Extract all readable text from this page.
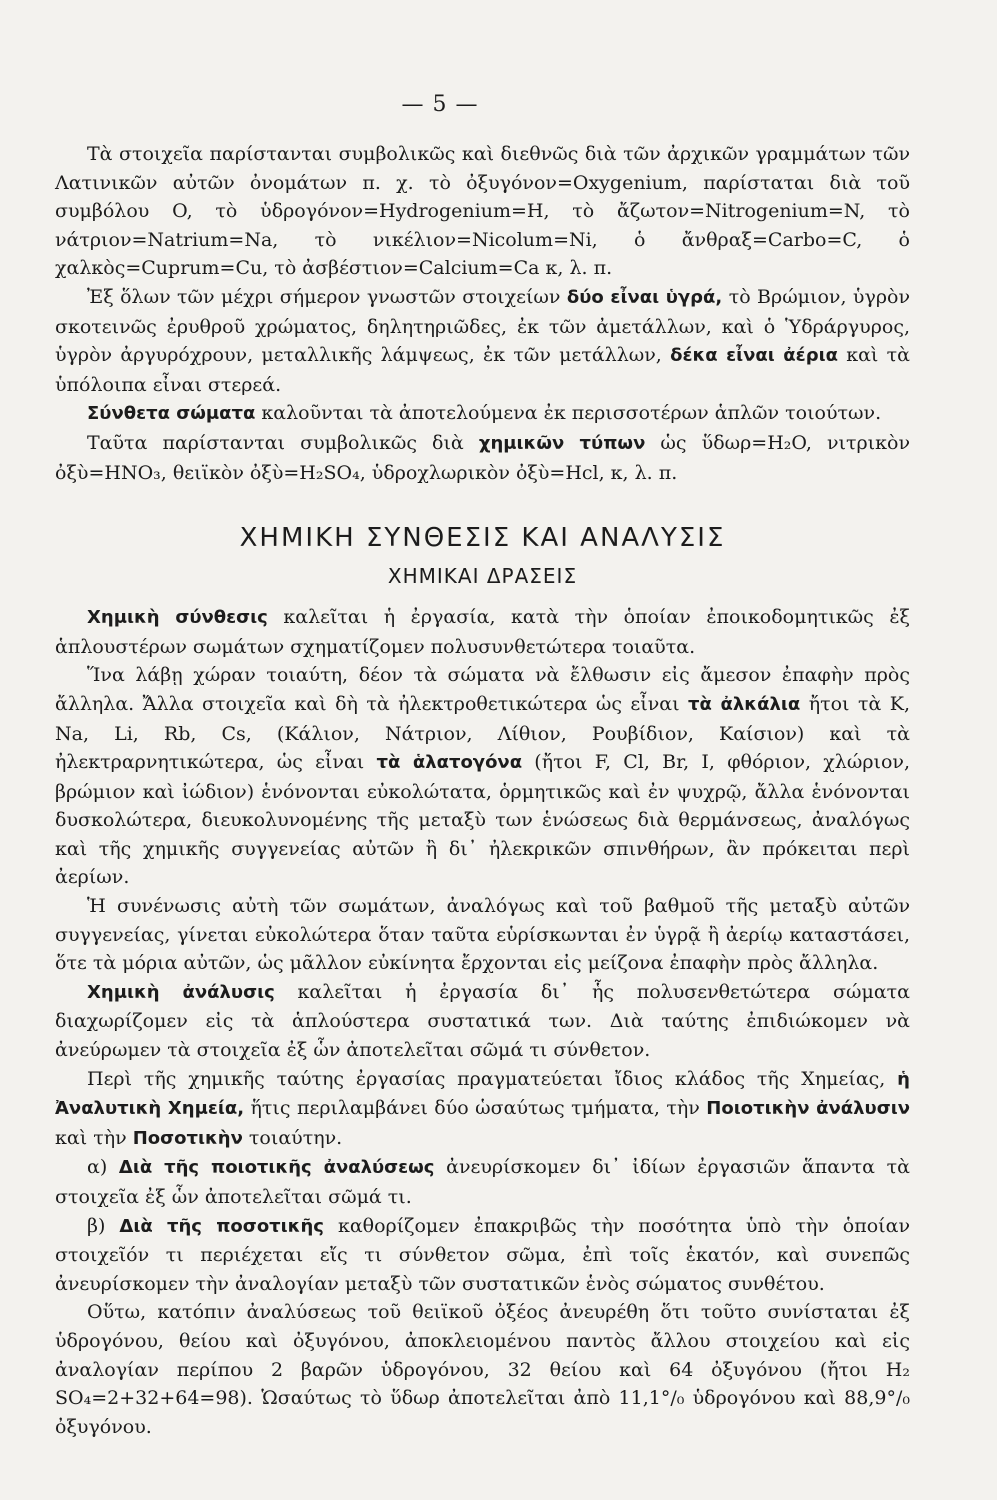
— 5 —

Τὰ στοιχεῖα παρίστανται συμβολικῶς καὶ διεθνῶς διὰ τῶν ἀρχικῶν γραμμάτων τῶν Λατινικῶν αὐτῶν ὀνομάτων π. χ. τὸ ὀξυγόνον=Oxygenium, παρίσταται διὰ τοῦ συμβόλου O, τὸ ὑδρογόνον=Hydrogenium=H, τὸ ἄζωτον=Nitrogenium=N, τὸ νάτριον=Natrium=Na, τὸ νικέλιον=Nicolum=Ni, ὁ ἄνθραξ=Carbo=C, ὁ χαλκὸς=Cuprum=Cu, τὸ ἀσβέστιον=Calcium=Ca κ, λ. π.

Ἐξ ὅλων τῶν μέχρι σήμερον γνωστῶν στοιχείων δύο εἶναι ὑγρά, τὸ Βρώμιον, ὑγρὸν σκοτεινῶς ἐρυθροῦ χρώματος, δηλητηριῶδες, ἐκ τῶν ἀμετάλλων, καὶ ὁ Ὑδράργυρος, ὑγρὸν ἀργυρόχρουν, μεταλλικῆς λάμψεως, ἐκ τῶν μετάλλων, δέκα εἶναι ἀέρια καὶ τὰ ὑπόλοιπα εἶναι στερεά.

Σύνθετα σώματα καλοῦνται τὰ ἀποτελούμενα ἐκ περισσοτέρων ἁπλῶν τοιούτων.

Ταῦτα παρίστανται συμβολικῶς διὰ χημικῶν τύπων ὡς ὕδωρ=H₂O, νιτρικὸν ὀξὺ=HNO₃, θειϊκὸν ὀξὺ=H₂SO₄, ὑδροχλωρικὸν ὀξὺ=Hcl, κ, λ. π.

ΧΗΜΙΚΗ ΣΥΝΘΕΣΙΣ ΚΑΙ ΑΝΑΛΥΣΙΣ
ΧΗΜΙΚΑΙ ΔΡΑΣΕΙΣ

Χημικὴ σύνθεσις καλεῖται ἡ ἐργασία, κατὰ τὴν ὁποίαν ἐποικοδομητικῶς ἐξ ἁπλουστέρων σωμάτων σχηματίζομεν πολυσυνθετώτερα τοιαῦτα.

Ἵνα λάβῃ χώραν τοιαύτη, δέον τὰ σώματα νὰ ἔλθωσιν εἰς ἄμεσον ἐπαφὴν πρὸς ἄλληλα. Ἄλλα στοιχεῖα καὶ δὴ τὰ ἠλεκτροθετικώτερα ὡς εἶναι τὰ ἀλκάλια ἤτοι τὰ K, Na, Li, Rb, Cs, (Κάλιον, Νάτριον, Λίθιον, Ρουβίδιον, Καίσιον) καὶ τὰ ἠλεκτραρνητικώτερα, ὡς εἶναι τὰ ἁλατογόνα (ἤτοι F, Cl, Br, I, φθόριον, χλώριον, βρώμιον καὶ ἰώδιον) ἑνόνονται εὐκολώτατα, ὁρμητικῶς καὶ ἐν ψυχρῷ, ἄλλα ἑνόνονται δυσκολώτερα, διευκολυνομένης τῆς μεταξὺ των ἑνώσεως διὰ θερμάνσεως, ἀναλόγως καὶ τῆς χημικῆς συγγενείας αὐτῶν ἢ δι᾽ ἠλεκρικῶν σπινθήρων, ἂν πρόκειται περὶ ἀερίων.

Ἡ συνένωσις αὐτὴ τῶν σωμάτων, ἀναλόγως καὶ τοῦ βαθμοῦ τῆς μεταξὺ αὐτῶν συγγενείας, γίνεται εὐκολώτερα ὅταν ταῦτα εὑρίσκωνται ἐν ὑγρᾷ ἢ ἀερίῳ καταστάσει, ὅτε τὰ μόρια αὐτῶν, ὡς μᾶλλον εὐκίνητα ἔρχονται εἰς μείζονα ἐπαφὴν πρὸς ἄλληλα.

Χημικὴ ἀνάλυσις καλεῖται ἡ ἐργασία δι᾽ ἧς πολυσενθετώτερα σώματα διαχωρίζομεν εἰς τὰ ἁπλούστερα συστατικά των. Διὰ ταύτης ἐπιδιώκομεν νὰ ἀνεύρωμεν τὰ στοιχεῖα ἐξ ὧν ἀποτελεῖται σῶμά τι σύνθετον.

Περὶ τῆς χημικῆς ταύτης ἐργασίας πραγματεύεται ἴδιος κλάδος τῆς Χημείας, ἡ Ἀναλυτικὴ Χημεία, ἥτις περιλαμβάνει δύο ὡσαύτως τμήματα, τὴν Ποιοτικὴν ἀνάλυσιν καὶ τὴν Ποσοτικὴν τοιαύτην.

α) Διὰ τῆς ποιοτικῆς ἀναλύσεως ἀνευρίσκομεν δι᾽ ἰδίων ἐργασιῶν ἅπαντα τὰ στοιχεῖα ἐξ ὧν ἀποτελεῖται σῶμά τι.

β) Διὰ τῆς ποσοτικῆς καθορίζομεν ἐπακριβῶς τὴν ποσότητα ὑπὸ τὴν ὁποίαν στοιχεῖόν τι περιέχεται εἴς τι σύνθετον σῶμα, ἐπὶ τοῖς ἑκατόν, καὶ συνεπῶς ἀνευρίσκομεν τὴν ἀναλογίαν μεταξὺ τῶν συστατικῶν ἑνὸς σώματος συνθέτου.

Οὕτω, κατόπιν ἀναλύσεως τοῦ θειϊκοῦ ὀξέος ἀνευρέθη ὅτι τοῦτο συνίσταται ἐξ ὑδρογόνου, θείου καὶ ὀξυγόνου, ἀποκλειομένου παντὸς ἄλλου στοιχείου καὶ εἰς ἀναλογίαν περίπου 2 βαρῶν ὑδρογόνου, 32 θείου καὶ 64 ὀξυγόνου (ἤτοι H₂ SO₄=2+32+64=98). Ὡσαύτως τὸ ὕδωρ ἀποτελεῖται ἀπὸ 11,1°/₀ ὑδρογόνου καὶ 88,9°/₀ ὀξυγόνου.
